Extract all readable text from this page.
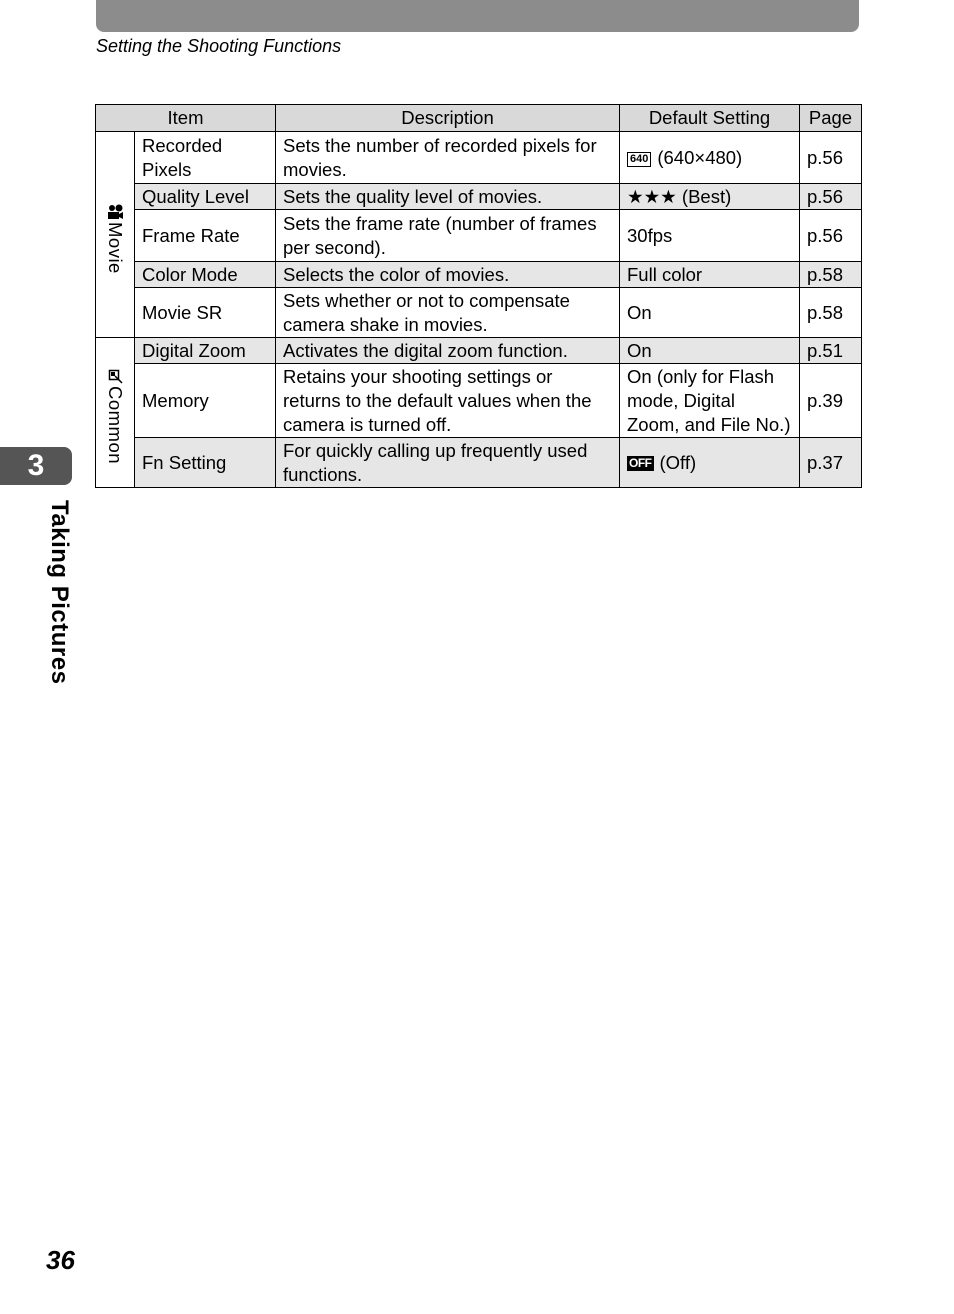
Setting the Shooting Functions
Item		Description	Default Setting	Page

Movie	Recorded Pixels	Sets the number of recorded pixels for movies.	640 (640×480)	p.56
	Quality Level	Sets the quality level of movies.	★★★ (Best)	p.56
	Frame Rate	Sets the frame rate (number of frames per second).	30fps	p.56
	Color Mode	Selects the color of movies.	Full color	p.58
	Movie SR	Sets whether or not to compensate camera shake in movies.	On	p.58

Common	Digital Zoom	Activates the digital zoom function.	On	p.51
	Memory	Retains your shooting settings or returns to the default values when the camera is turned off.	On (only for Flash mode, Digital Zoom, and File No.)	p.39
	Fn Setting	For quickly calling up frequently used functions.	OFF (Off)	p.37
3
Taking Pictures
36
